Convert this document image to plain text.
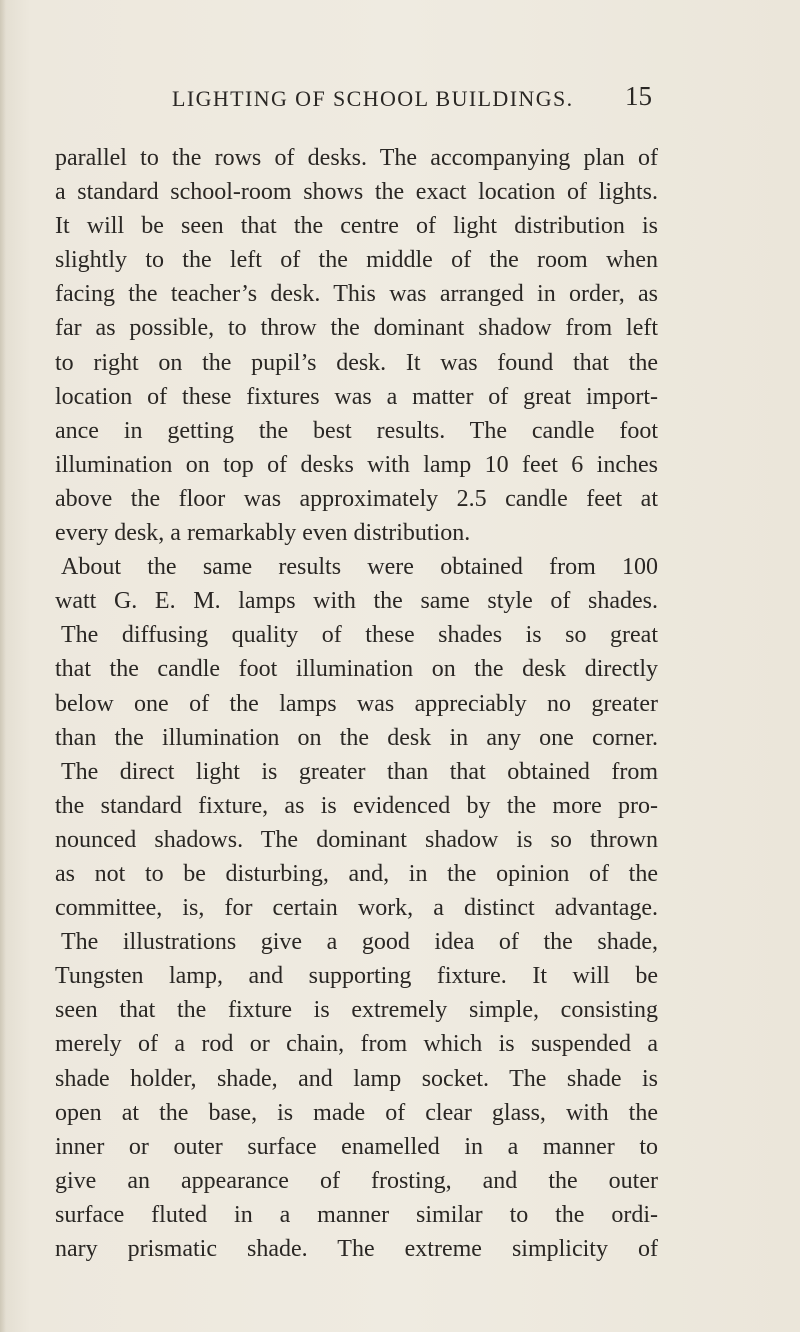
LIGHTING OF SCHOOL BUILDINGS. 15
parallel to the rows of desks. The accompanying plan of
a standard school-room shows the exact location of lights.
It will be seen that the centre of light distribution is
slightly to the left of the middle of the room when
facing the teacher’s desk. This was arranged in order, as
far as possible, to throw the dominant shadow from left
to right on the pupil’s desk. It was found that the
location of these fixtures was a matter of great import-
ance in getting the best results. The candle foot
illumination on top of desks with lamp 10 feet 6 inches
above the floor was approximately 2.5 candle feet at
every desk, a remarkably even distribution.
About the same results were obtained from 100
watt G. E. M. lamps with the same style of shades.
The diffusing quality of these shades is so great
that the candle foot illumination on the desk directly
below one of the lamps was appreciably no greater
than the illumination on the desk in any one corner.
The direct light is greater than that obtained from
the standard fixture, as is evidenced by the more pro-
nounced shadows. The dominant shadow is so thrown
as not to be disturbing, and, in the opinion of the
committee, is, for certain work, a distinct advantage.
The illustrations give a good idea of the shade,
Tungsten lamp, and supporting fixture. It will be
seen that the fixture is extremely simple, consisting
merely of a rod or chain, from which is suspended a
shade holder, shade, and lamp socket. The shade is
open at the base, is made of clear glass, with the
inner or outer surface enamelled in a manner to
give an appearance of frosting, and the outer
surface fluted in a manner similar to the ordi-
nary prismatic shade. The extreme simplicity of
